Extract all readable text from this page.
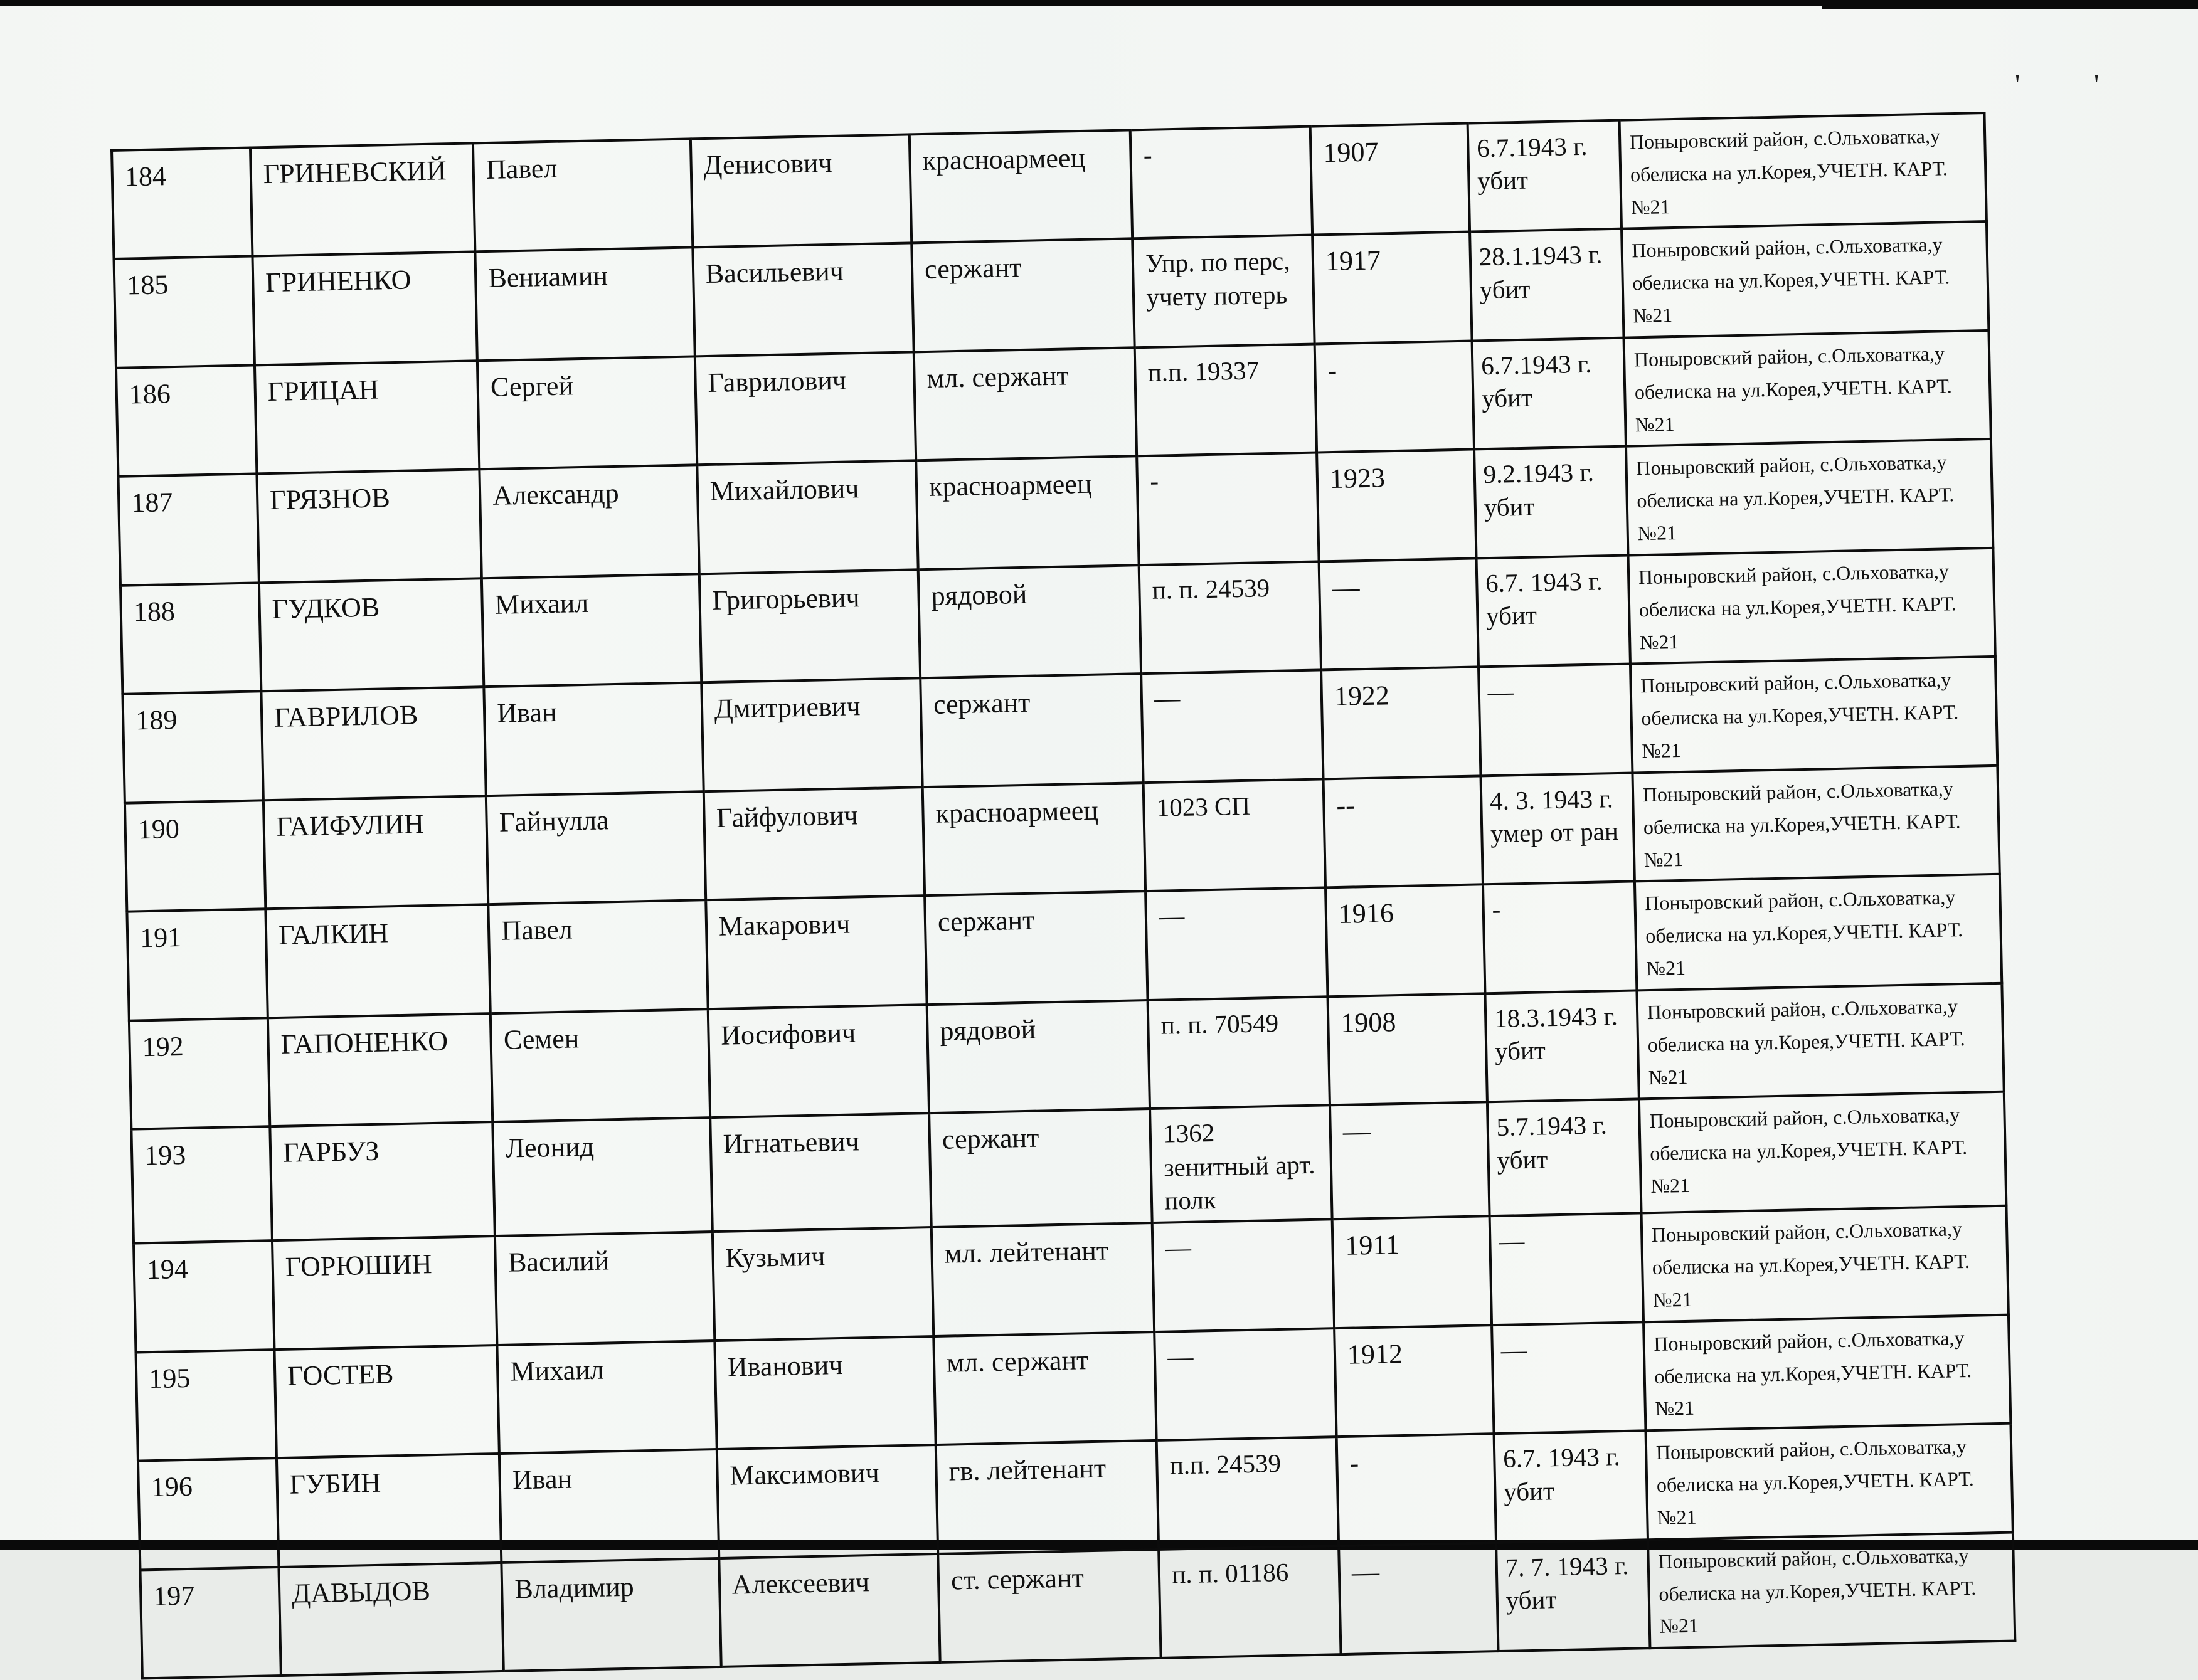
'	'
184	ГРИНЕВСКИЙ	Павел	Денисович	красноармеец	-	1907	6.7.1943 г. убит	Поныровский район, с.Ольховатка,у обелиска на ул.Корея,УЧЕТН. КАРТ. №21
185	ГРИНЕНКО	Вениамин	Васильевич	сержант	Упр. по перс, учету потерь	1917	28.1.1943 г. убит	Поныровский район, с.Ольховатка,у обелиска на ул.Корея,УЧЕТН. КАРТ. №21
186	ГРИЦАН	Сергей	Гаврилович	мл. сержант	п.п. 19337	-	6.7.1943 г. убит	Поныровский район, с.Ольховатка,у обелиска на ул.Корея,УЧЕТН. КАРТ. №21
187	ГРЯЗНОВ	Александр	Михайлович	красноармеец	-	1923	9.2.1943 г. убит	Поныровский район, с.Ольховатка,у обелиска на ул.Корея,УЧЕТН. КАРТ. №21
188	ГУДКОВ	Михаил	Григорьевич	рядовой	п. п. 24539	—	6.7. 1943 г. убит	Поныровский район, с.Ольховатка,у обелиска на ул.Корея,УЧЕТН. КАРТ. №21
189	ГАВРИЛОВ	Иван	Дмитриевич	сержант	—	1922	—	Поныровский район, с.Ольховатка,у обелиска на ул.Корея,УЧЕТН. КАРТ. №21
190	ГАИФУЛИН	Гайнулла	Гайфулович	красноармеец	1023 СП	--	4. 3. 1943 г. умер от ран	Поныровский район, с.Ольховатка,у обелиска на ул.Корея,УЧЕТН. КАРТ. №21
191	ГАЛКИН	Павел	Макарович	сержант	—	1916	-	Поныровский район, с.Ольховатка,у обелиска на ул.Корея,УЧЕТН. КАРТ. №21
192	ГАПОНЕНКО	Семен	Иосифович	рядовой	п. п. 70549	1908	18.3.1943 г. убит	Поныровский район, с.Ольховатка,у обелиска на ул.Корея,УЧЕТН. КАРТ. №21
193	ГАРБУЗ	Леонид	Игнатьевич	сержант	1362 зенитный арт. полк	—	5.7.1943 г. убит	Поныровский район, с.Ольховатка,у обелиска на ул.Корея,УЧЕТН. КАРТ. №21
194	ГОРЮШИН	Василий	Кузьмич	мл. лейтенант	—	1911	—	Поныровский район, с.Ольховатка,у обелиска на ул.Корея,УЧЕТН. КАРТ. №21
195	ГОСТЕВ	Михаил	Иванович	мл. сержант	—	1912	—	Поныровский район, с.Ольховатка,у обелиска на ул.Корея,УЧЕТН. КАРТ. №21
196	ГУБИН	Иван	Максимович	гв. лейтенант	п.п. 24539	-	6.7. 1943 г. убит	Поныровский район, с.Ольховатка,у обелиска на ул.Корея,УЧЕТН. КАРТ. №21
197	ДАВЫДОВ	Владимир	Алексеевич	ст. сержант	п. п. 01186	—	7. 7. 1943 г. убит	Поныровский район, с.Ольховатка,у обелиска на ул.Корея,УЧЕТН. КАРТ. №21
